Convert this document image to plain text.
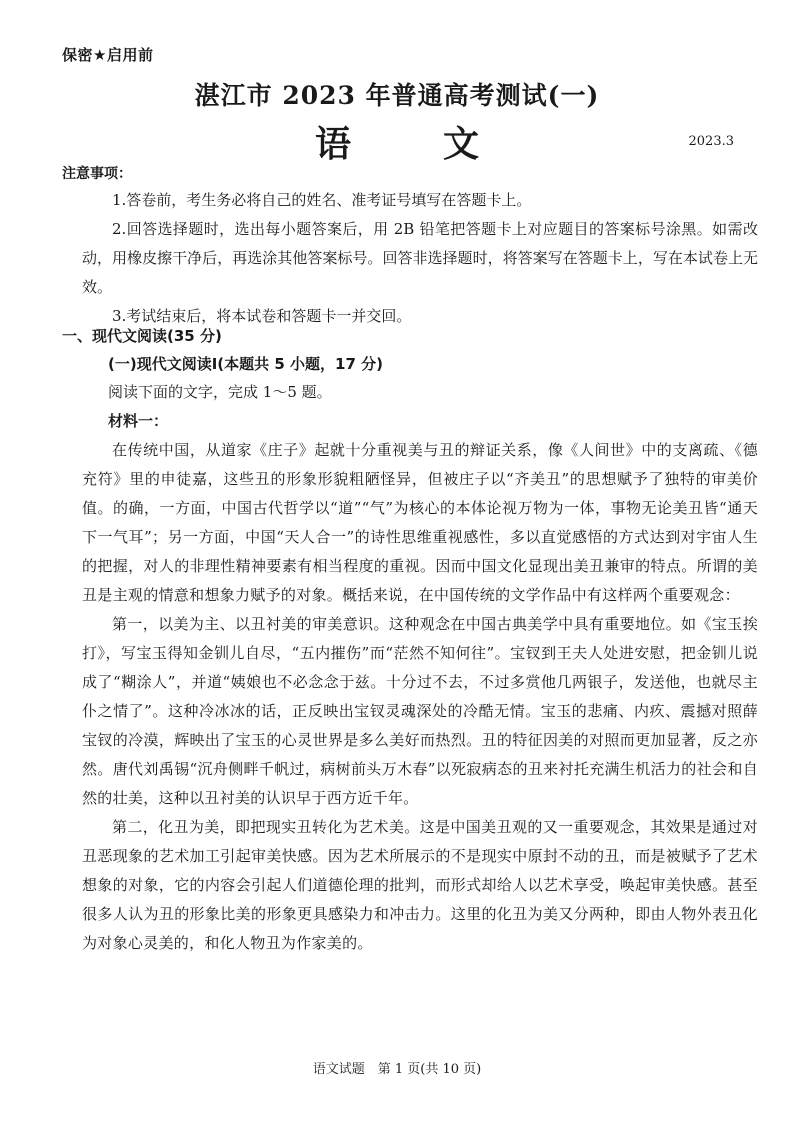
保密★启用前
湛江市 2023 年普通高考测试(一)
语　文	2023.3
注意事项：

1.答卷前，考生务必将自己的姓名、准考证号填写在答题卡上。

2.回答选择题时，选出每小题答案后，用 2B 铅笔把答题卡上对应题目的答案标号涂黑。如需改动，用橡皮擦干净后，再选涂其他答案标号。回答非选择题时，将答案写在答题卡上，写在本试卷上无效。

3.考试结束后，将本试卷和答题卡一并交回。

一、现代文阅读(35 分)
(一)现代文阅读Ⅰ(本题共 5 小题，17 分)
阅读下面的文字，完成 1～5 题。
材料一：

在传统中国，从道家《庄子》起就十分重视美与丑的辩证关系，像《人间世》中的支离疏、《德充符》里的申徒嘉，这些丑的形象形貌粗陋怪异，但被庄子以“齐美丑”的思想赋予了独特的审美价值。的确，一方面，中国古代哲学以“道”“气”为核心的本体论视万物为一体，事物无论美丑皆“通天下一气耳”；另一方面，中国“天人合一”的诗性思维重视感性，多以直觉感悟的方式达到对宇宙人生的把握，对人的非理性精神要素有相当程度的重视。因而中国文化显现出美丑兼审的特点。所谓的美丑是主观的情意和想象力赋予的对象。概括来说，在中国传统的文学作品中有这样两个重要观念：

第一，以美为主、以丑衬美的审美意识。这种观念在中国古典美学中具有重要地位。如《宝玉挨打》，写宝玉得知金钏儿自尽，“五内摧伤”而“茫然不知何往”。宝钗到王夫人处进安慰，把金钏儿说成了“糊涂人”，并道“姨娘也不必念念于兹。十分过不去，不过多赏他几两银子，发送他，也就尽主仆之情了”。这种冷冰冰的话，正反映出宝钗灵魂深处的冷酷无情。宝玉的悲痛、内疚、震撼对照薛宝钗的冷漠，辉映出了宝玉的心灵世界是多么美好而热烈。丑的特征因美的对照而更加显著，反之亦然。唐代刘禹锡“沉舟侧畔千帆过，病树前头万木春”以死寂病态的丑来衬托充满生机活力的社会和自然的壮美，这种以丑衬美的认识早于西方近千年。

第二，化丑为美，即把现实丑转化为艺术美。这是中国美丑观的又一重要观念，其效果是通过对丑恶现象的艺术加工引起审美快感。因为艺术所展示的不是现实中原封不动的丑，而是被赋予了艺术想象的对象，它的内容会引起人们道德伦理的批判，而形式却给人以艺术享受，唤起审美快感。甚至很多人认为丑的形象比美的形象更具感染力和冲击力。这里的化丑为美又分两种，即由人物外表丑化为对象心灵美的，和化人物丑为作家美的。

语文试题　第 1 页(共 10 页)
